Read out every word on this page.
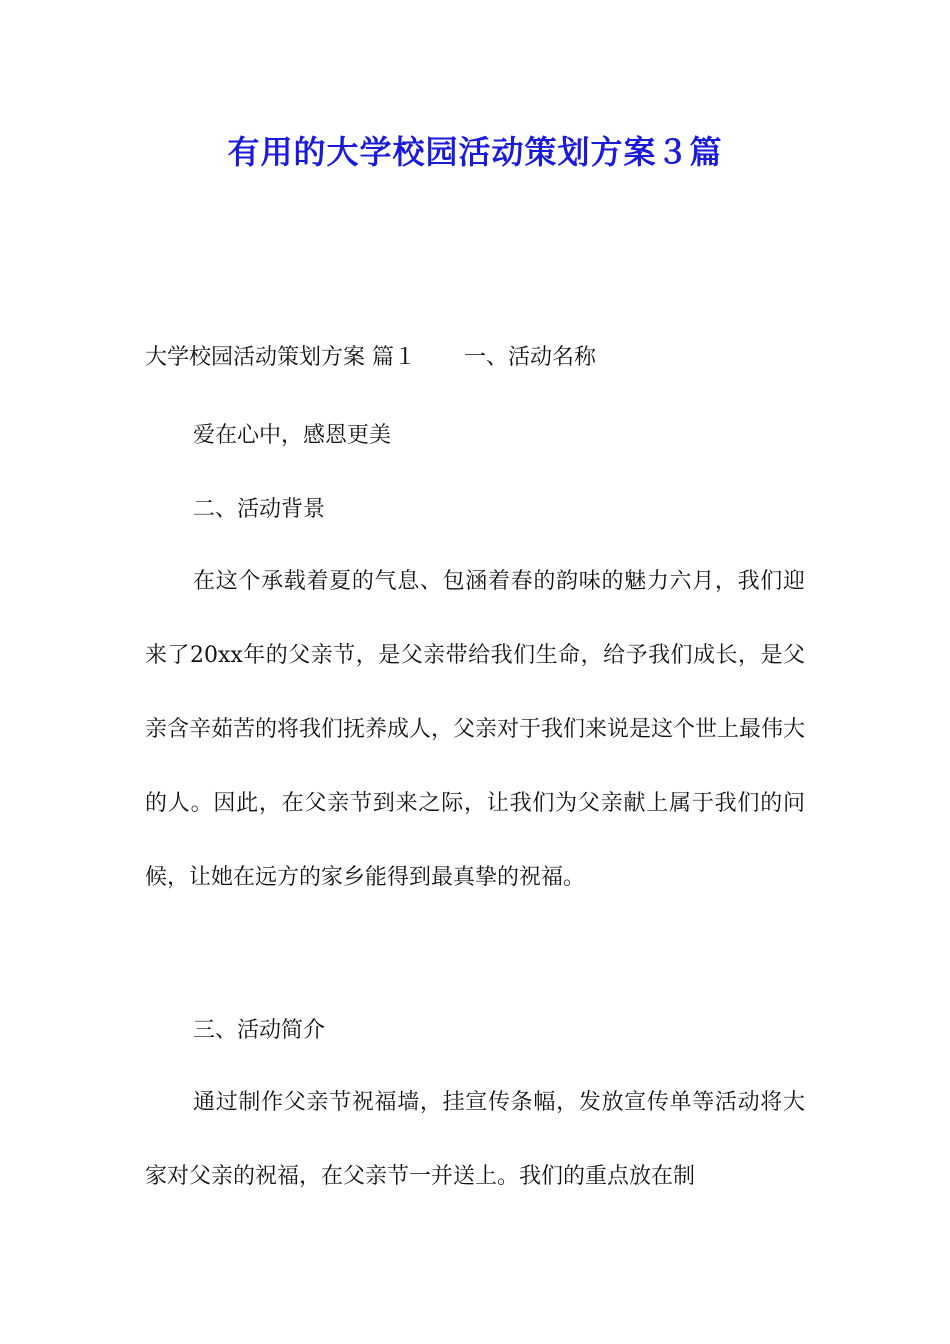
有用的大学校园活动策划方案３篇
大学校园活动策划方案 篇１ 一、活动名称
爱在心中，感恩更美
二、活动背景
在这个承载着夏的气息、包涵着春的韵味的魅力六月，我们迎来了20xx年的父亲节，是父亲带给我们生命，给予我们成长，是父亲含辛茹苦的将我们抚养成人，父亲对于我们来说是这个世上最伟大的人。因此，在父亲节到来之际，让我们为父亲献上属于我们的问候，让她在远方的家乡能得到最真挚的祝福。
三、活动简介
通过制作父亲节祝福墙，挂宣传条幅，发放宣传单等活动将大家对父亲的祝福，在父亲节一并送上。我们的重点放在制
